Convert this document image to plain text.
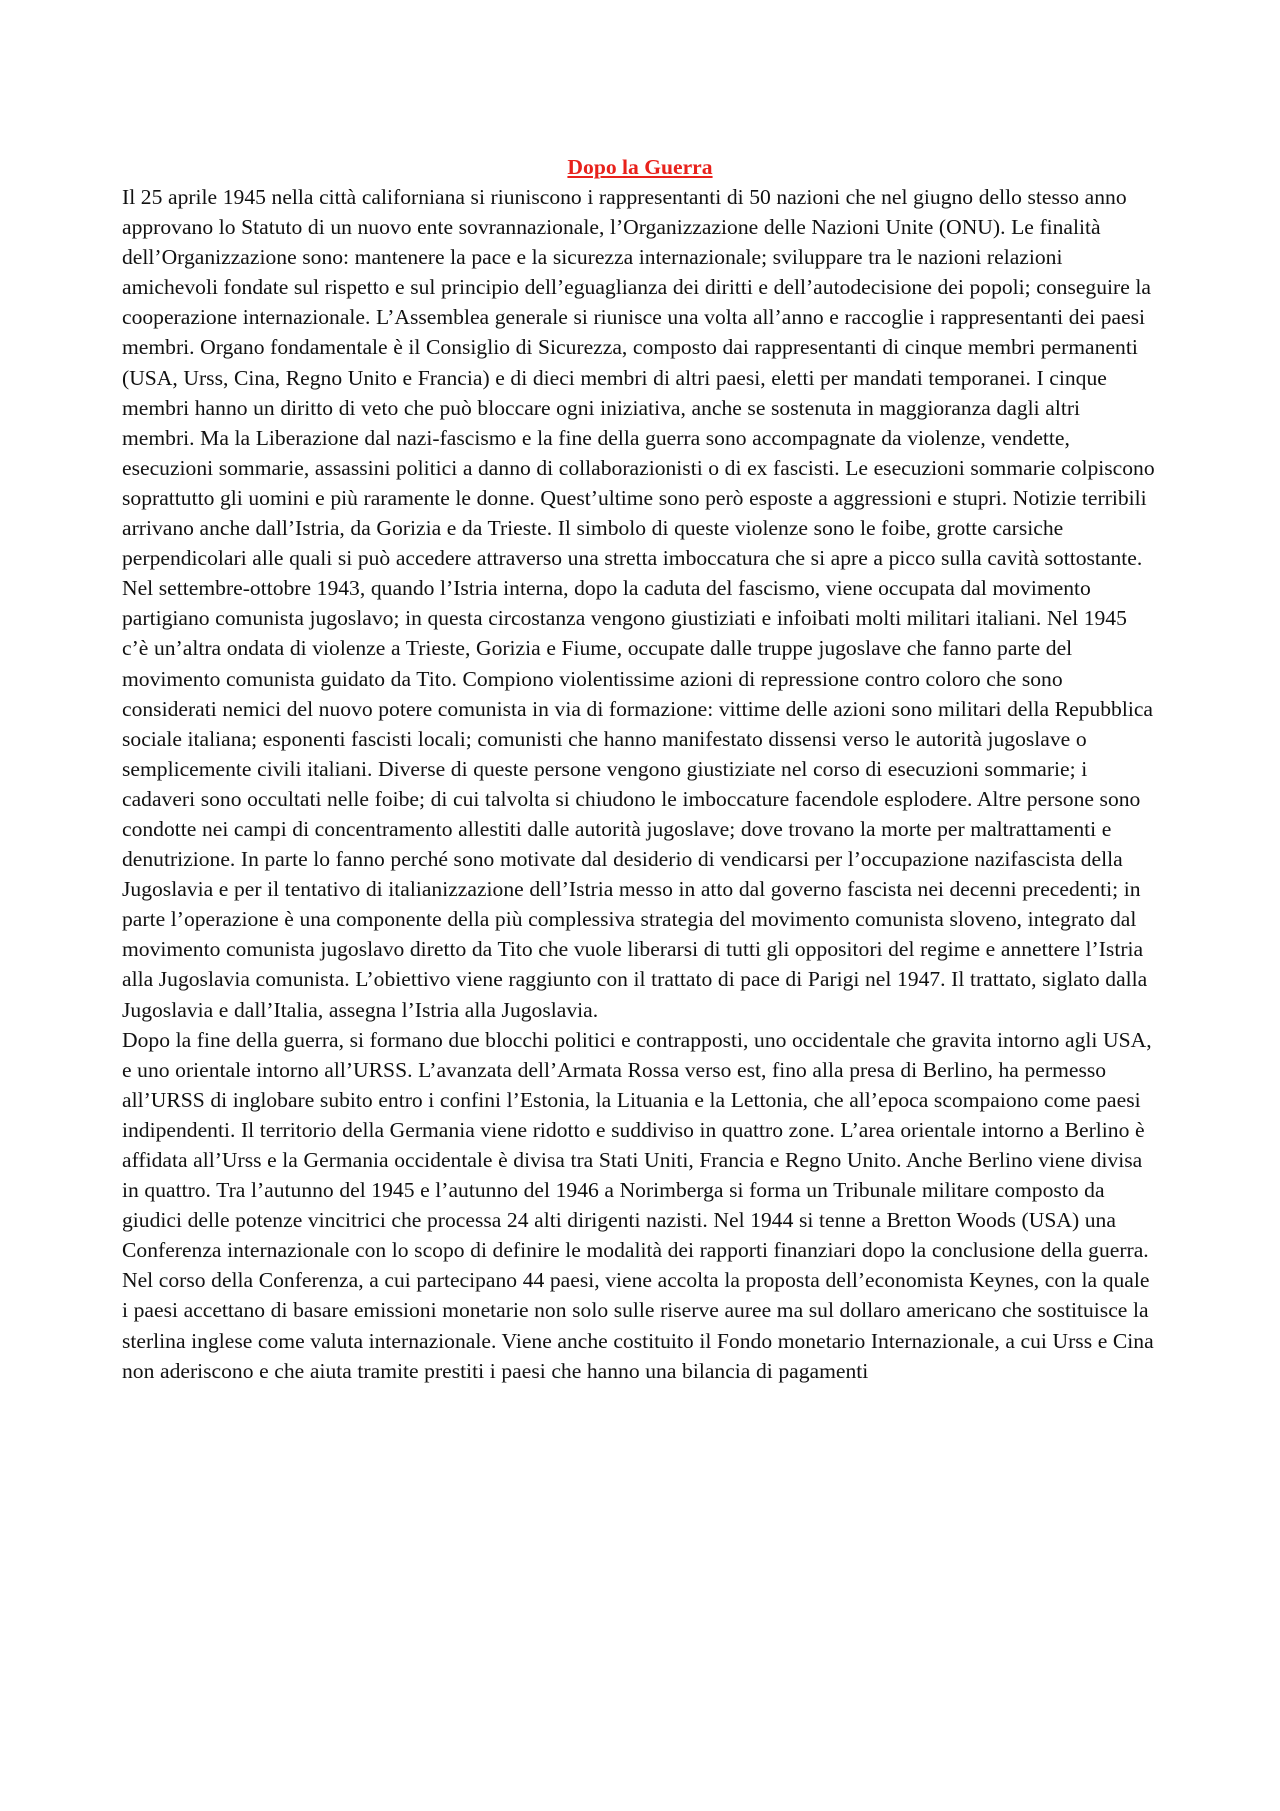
Dopo la Guerra

Il 25 aprile 1945 nella città californiana si riuniscono i rappresentanti di 50 nazioni che nel giugno dello stesso anno approvano lo Statuto di un nuovo ente sovrannazionale, l’Organizzazione delle Nazioni Unite (ONU). Le finalità dell’Organizzazione sono: mantenere la pace e la sicurezza internazionale; sviluppare tra le nazioni relazioni amichevoli fondate sul rispetto e sul principio dell’eguaglianza dei diritti e dell’autodecisione dei popoli; conseguire la cooperazione internazionale. L’Assemblea generale si riunisce una volta all’anno e raccoglie i rappresentanti dei paesi membri. Organo fondamentale è il Consiglio di Sicurezza, composto dai rappresentanti di cinque membri permanenti (USA, Urss, Cina, Regno Unito e Francia) e di dieci membri di altri paesi, eletti per mandati temporanei. I cinque membri hanno un diritto di veto che può bloccare ogni iniziativa, anche se sostenuta in maggioranza dagli altri membri. Ma la Liberazione dal nazi-fascismo e la fine della guerra sono accompagnate da violenze, vendette, esecuzioni sommarie, assassini politici a danno di collaborazionisti o di ex fascisti. Le esecuzioni sommarie colpiscono soprattutto gli uomini e più raramente le donne. Quest’ultime sono però esposte a aggressioni e stupri. Notizie terribili arrivano anche dall’Istria, da Gorizia e da Trieste. Il simbolo di queste violenze sono le foibe, grotte carsiche perpendicolari alle quali si può accedere attraverso una stretta imboccatura che si apre a picco sulla cavità sottostante. Nel settembre-ottobre 1943, quando l’Istria interna, dopo la caduta del fascismo, viene occupata dal movimento partigiano comunista jugoslavo; in questa circostanza vengono giustiziati e infoibati molti militari italiani. Nel 1945 c’è un’altra ondata di violenze a Trieste, Gorizia e Fiume, occupate dalle truppe jugoslave che fanno parte del movimento comunista guidato da Tito. Compiono violentissime azioni di repressione contro coloro che sono considerati nemici del nuovo potere comunista in via di formazione: vittime delle azioni sono militari della Repubblica sociale italiana; esponenti fascisti locali; comunisti che hanno manifestato dissensi verso le autorità jugoslave o semplicemente civili italiani. Diverse di queste persone vengono giustiziate nel corso di esecuzioni sommarie; i cadaveri sono occultati nelle foibe; di cui talvolta si chiudono le imboccature facendole esplodere. Altre persone sono condotte nei campi di concentramento allestiti dalle autorità jugoslave; dove trovano la morte per maltrattamenti e denutrizione. In parte lo fanno perché sono motivate dal desiderio di vendicarsi per l’occupazione nazifascista della Jugoslavia e per il tentativo di italianizzazione dell’Istria messo in atto dal governo fascista nei decenni precedenti; in parte l’operazione è una componente della più complessiva strategia del movimento comunista sloveno, integrato dal movimento comunista jugoslavo diretto da Tito che vuole liberarsi di tutti gli oppositori del regime e annettere l’Istria alla Jugoslavia comunista. L’obiettivo viene raggiunto con il trattato di pace di Parigi nel 1947. Il trattato, siglato dalla Jugoslavia e dall’Italia, assegna l’Istria alla Jugoslavia.

Dopo la fine della guerra, si formano due blocchi politici e contrapposti, uno occidentale che gravita intorno agli USA, e uno orientale intorno all’URSS. L’avanzata dell’Armata Rossa verso est, fino alla presa di Berlino, ha permesso all’URSS di inglobare subito entro i confini l’Estonia, la Lituania e la Lettonia, che all’epoca scompaiono come paesi indipendenti. Il territorio della Germania viene ridotto e suddiviso in quattro zone. L’area orientale intorno a Berlino è affidata all’Urss e la Germania occidentale è divisa tra Stati Uniti, Francia e Regno Unito. Anche Berlino viene divisa in quattro. Tra l’autunno del 1945 e l’autunno del 1946 a Norimberga si forma un Tribunale militare composto da giudici delle potenze vincitrici che processa 24 alti dirigenti nazisti. Nel 1944 si tenne a Bretton Woods (USA) una Conferenza internazionale con lo scopo di definire le modalità dei rapporti finanziari dopo la conclusione della guerra. Nel corso della Conferenza, a cui partecipano 44 paesi, viene accolta la proposta dell’economista Keynes, con la quale i paesi accettano di basare emissioni monetarie non solo sulle riserve auree ma sul dollaro americano che sostituisce la sterlina inglese come valuta internazionale. Viene anche costituito il Fondo monetario Internazionale, a cui Urss e Cina non aderiscono e che aiuta tramite prestiti i paesi che hanno una bilancia di pagamenti
